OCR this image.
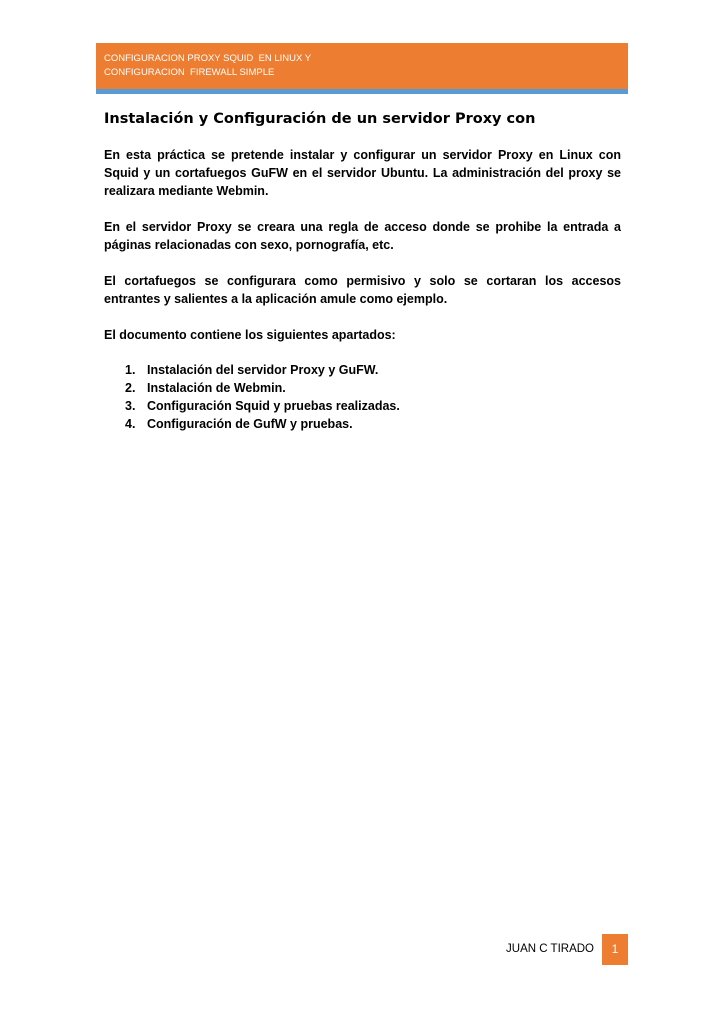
CONFIGURACION PROXY SQUID  EN LINUX Y
CONFIGURACION  FIREWALL SIMPLE
Instalación y Configuración de un servidor Proxy con

En esta práctica se pretende instalar y configurar un servidor Proxy en Linux con Squid y un cortafuegos GuFW en el servidor Ubuntu. La administración del proxy se realizara mediante Webmin.

En el servidor Proxy se creara una regla de acceso donde se prohibe la entrada a páginas relacionadas con sexo, pornografía, etc.

El cortafuegos se configurara como permisivo y solo se cortaran los accesos entrantes y salientes a la aplicación amule como ejemplo.

El documento contiene los siguientes apartados:

1. Instalación del servidor Proxy y GuFW.
2. Instalación de Webmin.
3. Configuración Squid y pruebas realizadas.
4. Configuración de GufW y pruebas.
JUAN C TIRADO	1
